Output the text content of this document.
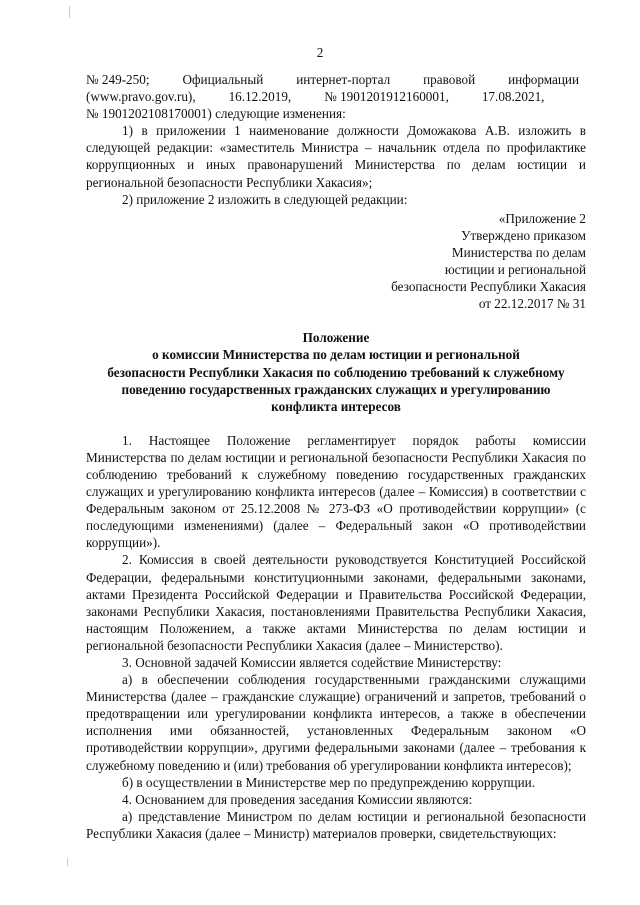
2

№ 249-250;          Официальный          интернет-портал          правовой          информации

(www.pravo.gov.ru),          16.12.2019,          № 1901201912160001,          17.08.2021,

№ 1901202108170001) следующие изменения:

1) в приложении 1 наименование должности Доможакова А.В. изложить в следующей редакции: «заместитель Министра – начальник отдела по профилактике коррупционных и иных правонарушений Министерства по делам юстиции и региональной безопасности Республики Хакасия»;

2) приложение 2 изложить в следующей редакции:

«Приложение 2
Утверждено приказом
Министерства по делам
юстиции и региональной
безопасности Республики Хакасия
от 22.12.2017 № 31
Положение
о комиссии Министерства по делам юстиции и региональной
безопасности Республики Хакасия по соблюдению требований к служебному
поведению государственных гражданских служащих и урегулированию
конфликта интересов

1. Настоящее Положение регламентирует порядок работы комиссии Министерства по делам юстиции и региональной безопасности Республики Хакасия по соблюдению требований к служебному поведению государственных гражданских служащих и урегулированию конфликта интересов (далее – Комиссия) в соответствии с Федеральным законом от 25.12.2008 № 273-ФЗ «О противодействии коррупции» (с последующими изменениями) (далее – Федеральный закон «О противодействии коррупции»).

2. Комиссия в своей деятельности руководствуется Конституцией Российской Федерации, федеральными конституционными законами, федеральными законами, актами Президента Российской Федерации и Правительства Российской Федерации, законами Республики Хакасия, постановлениями Правительства Республики Хакасия, настоящим Положением, а также актами Министерства по делам юстиции и региональной безопасности Республики Хакасия (далее – Министерство).

3. Основной задачей Комиссии является содействие Министерству:

а) в обеспечении соблюдения государственными гражданскими служащими Министерства (далее – гражданские служащие) ограничений и запретов, требований о предотвращении или урегулировании конфликта интересов, а также в обеспечении исполнения ими обязанностей, установленных Федеральным законом «О противодействии коррупции», другими федеральными законами (далее – требования к служебному поведению и (или) требования об урегулировании конфликта интересов);

б) в осуществлении в Министерстве мер по предупреждению коррупции.

4. Основанием для проведения заседания Комиссии являются:

а) представление Министром по делам юстиции и региональной безопасности Республики Хакасия (далее – Министр) материалов проверки, свидетельствующих:
